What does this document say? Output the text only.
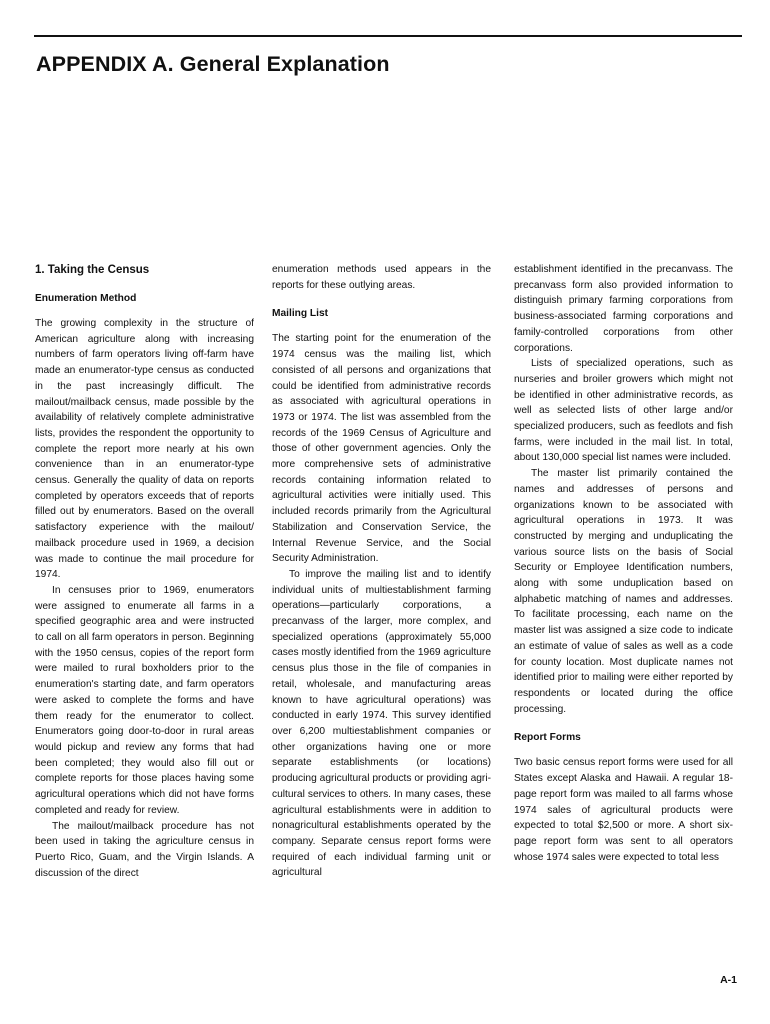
APPENDIX A. General Explanation
1. Taking the Census
Enumeration Method

The growing complexity in the structure of American agriculture along with increasing numbers of farm operators living off-farm have made an enumerator-type census as conducted in the past increasingly difficult. The mailout/mailback census, made possible by the availability of relatively complete administrative lists, provides the respondent the opportunity to complete the report more nearly at his own convenience than in an enumerator-type census. Generally the quality of data on reports completed by operators exceeds that of reports filled out by enumerators. Based on the overall satisfactory experience with the mailout/ mailback procedure used in 1969, a decision was made to continue the mail procedure for 1974.

In censuses prior to 1969, enumerators were assigned to enumerate all farms in a specified geographic area and were instructed to call on all farm operators in person. Beginning with the 1950 census, copies of the report form were mailed to rural boxholders prior to the enumeration's starting date, and farm operators were asked to complete the forms and have them ready for the enumerator to collect. Enumerators going door-to-door in rural areas would pickup and review any forms that had been completed; they would also fill out or complete reports for those places having some agricultural operations which did not have forms completed and ready for review.

The mailout/mailback procedure has not been used in taking the agriculture census in Puerto Rico, Guam, and the Virgin Islands. A discussion of the direct

enumeration methods used appears in the reports for these outlying areas.

Mailing List

The starting point for the enumeration of the 1974 census was the mailing list, which consisted of all persons and organizations that could be identified from administrative records as associated with agricultural operations in 1973 or 1974. The list was assembled from the records of the 1969 Census of Agriculture and those of other government agencies. Only the more comprehensive sets of administrative records containing information related to agricultural activities were initially used. This included records primarily from the Agricultural Stabilization and Conservation Service, the Internal Revenue Service, and the Social Security Administration.

To improve the mailing list and to identify individual units of multiestablishment farming operations—particularly corporations, a precanvass of the larger, more complex, and specialized operations (approximately 55,000 cases mostly identified from the 1969 agriculture census plus those in the file of companies in retail, wholesale, and manufacturing areas known to have agricultural operations) was conducted in early 1974. This survey identified over 6,200 multiestablishment companies or other organizations having one or more separate establishments (or locations) producing agricultural products or providing agricultural services to others. In many cases, these agricultural establishments were in addition to nonagricultural establishments operated by the company. Separate census report forms were required of each individual farming unit or agricultural

establishment identified in the precanvass. The precanvass form also provided information to distinguish primary farming corporations from business-associated farming corporations and family-controlled corporations from other corporations.

Lists of specialized operations, such as nurseries and broiler growers which might not be identified in other administrative records, as well as selected lists of other large and/or specialized producers, such as feedlots and fish farms, were included in the mail list. In total, about 130,000 special list names were included.

The master list primarily contained the names and addresses of persons and organizations known to be associated with agricultural operations in 1973. It was constructed by merging and unduplicating the various source lists on the basis of Social Security or Employee Identification numbers, along with some unduplication based on alphabetic matching of names and addresses. To facilitate processing, each name on the master list was assigned a size code to indicate an estimate of value of sales as well as a code for county location. Most duplicate names not identified prior to mailing were either reported by respondents or located during the office processing.

Report Forms

Two basic census report forms were used for all States except Alaska and Hawaii. A regular 18-page report form was mailed to all farms whose 1974 sales of agricultural products were expected to total $2,500 or more. A short six-page report form was sent to all operators whose 1974 sales were expected to total less

A-1
